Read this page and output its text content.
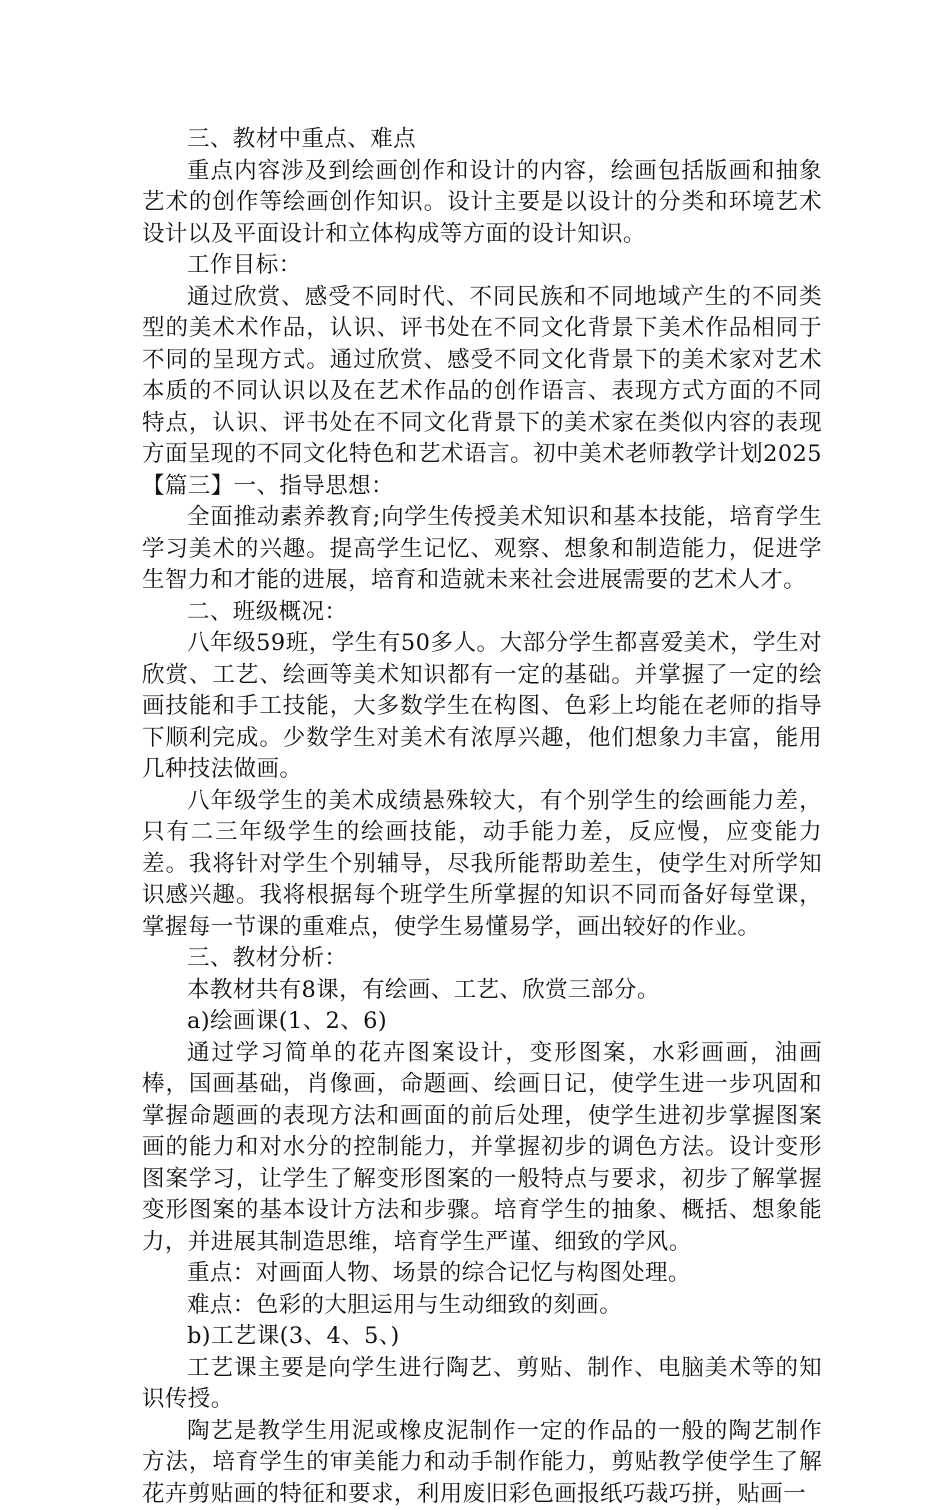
三、教材中重点、难点

重点内容涉及到绘画创作和设计的内容，绘画包括版画和抽象艺术的创作等绘画创作知识。设计主要是以设计的分类和环境艺术设计以及平面设计和立体构成等方面的设计知识。

工作目标：

通过欣赏、感受不同时代、不同民族和不同地域产生的不同类型的美术术作品，认识、评书处在不同文化背景下美术作品相同于不同的呈现方式。通过欣赏、感受不同文化背景下的美术家对艺术本质的不同认识以及在艺术作品的创作语言、表现方式方面的不同特点，认识、评书处在不同文化背景下的美术家在类似内容的表现方面呈现的不同文化特色和艺术语言。初中美术老师教学计划2025【篇三】一、指导思想：

全面推动素养教育;向学生传授美术知识和基本技能，培育学生学习美术的兴趣。提高学生记忆、观察、想象和制造能力，促进学生智力和才能的进展，培育和造就未来社会进展需要的艺术人才。

二、班级概况：

八年级59班，学生有50多人。大部分学生都喜爱美术，学生对欣赏、工艺、绘画等美术知识都有一定的基础。并掌握了一定的绘画技能和手工技能，大多数学生在构图、色彩上均能在老师的指导下顺利完成。少数学生对美术有浓厚兴趣，他们想象力丰富，能用几种技法做画。

八年级学生的美术成绩悬殊较大，有个别学生的绘画能力差，只有二三年级学生的绘画技能，动手能力差，反应慢，应变能力差。我将针对学生个别辅导，尽我所能帮助差生，使学生对所学知识感兴趣。我将根据每个班学生所掌握的知识不同而备好每堂课，掌握每一节课的重难点，使学生易懂易学，画出较好的作业。

三、教材分析：

本教材共有8课，有绘画、工艺、欣赏三部分。

a)绘画课(1、2、6)

通过学习简单的花卉图案设计，变形图案，水彩画画，油画棒，国画基础，肖像画，命题画、绘画日记，使学生进一步巩固和掌握命题画的表现方法和画面的前后处理，使学生进初步掌握图案画的能力和对水分的控制能力，并掌握初步的调色方法。设计变形图案学习，让学生了解变形图案的一般特点与要求，初步了解掌握变形图案的基本设计方法和步骤。培育学生的抽象、概括、想象能力，并进展其制造思维，培育学生严谨、细致的学风。

重点：对画面人物、场景的综合记忆与构图处理。

难点：色彩的大胆运用与生动细致的刻画。

b)工艺课(3、4、5、)

工艺课主要是向学生进行陶艺、剪贴、制作、电脑美术等的知识传授。

陶艺是教学生用泥或橡皮泥制作一定的作品的一般的陶艺制作方法，培育学生的审美能力和动手制作能力，剪贴教学使学生了解花卉剪贴画的特征和要求，利用废旧彩色画报纸巧裁巧拼，贴画一
